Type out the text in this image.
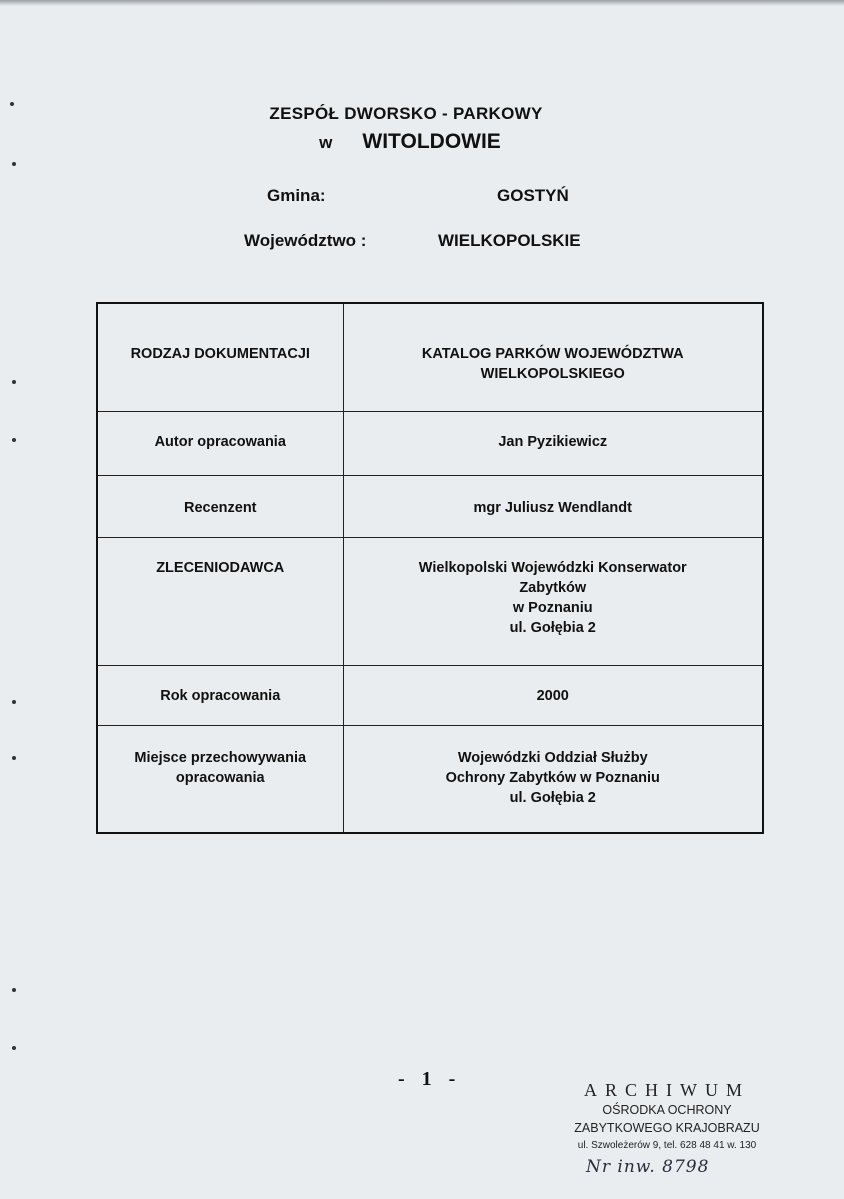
ZESPÓŁ DWORSKO - PARKOWY
w WITOLDOWIE
Gmina:	GOSTYŃ
Województwo :	WIELKOPOLSKIE
RODZAJ DOKUMENTACJI	KATALOG PARKÓW WOJEWÓDZTWA
WIELKOPOLSKIEGO

Autor opracowania	Jan Pyzikiewicz

Recenzent	mgr Juliusz Wendlandt

ZLECENIODAWCA	Wielkopolski Wojewódzki Konserwator
Zabytków
w Poznaniu
ul. Gołębia 2

Rok opracowania	2000

Miejsce przechowywania
opracowania	Wojewódzki Oddział Służby
Ochrony Zabytków w Poznaniu
ul. Gołębia 2
- 1 -	ARCHIWUM
OŚRODKA OCHRONY
ZABYTKOWEGO KRAJOBRAZU
ul. Szwoleżerów 9, tel. 628 48 41 w. 130
Nr inw. 8798
